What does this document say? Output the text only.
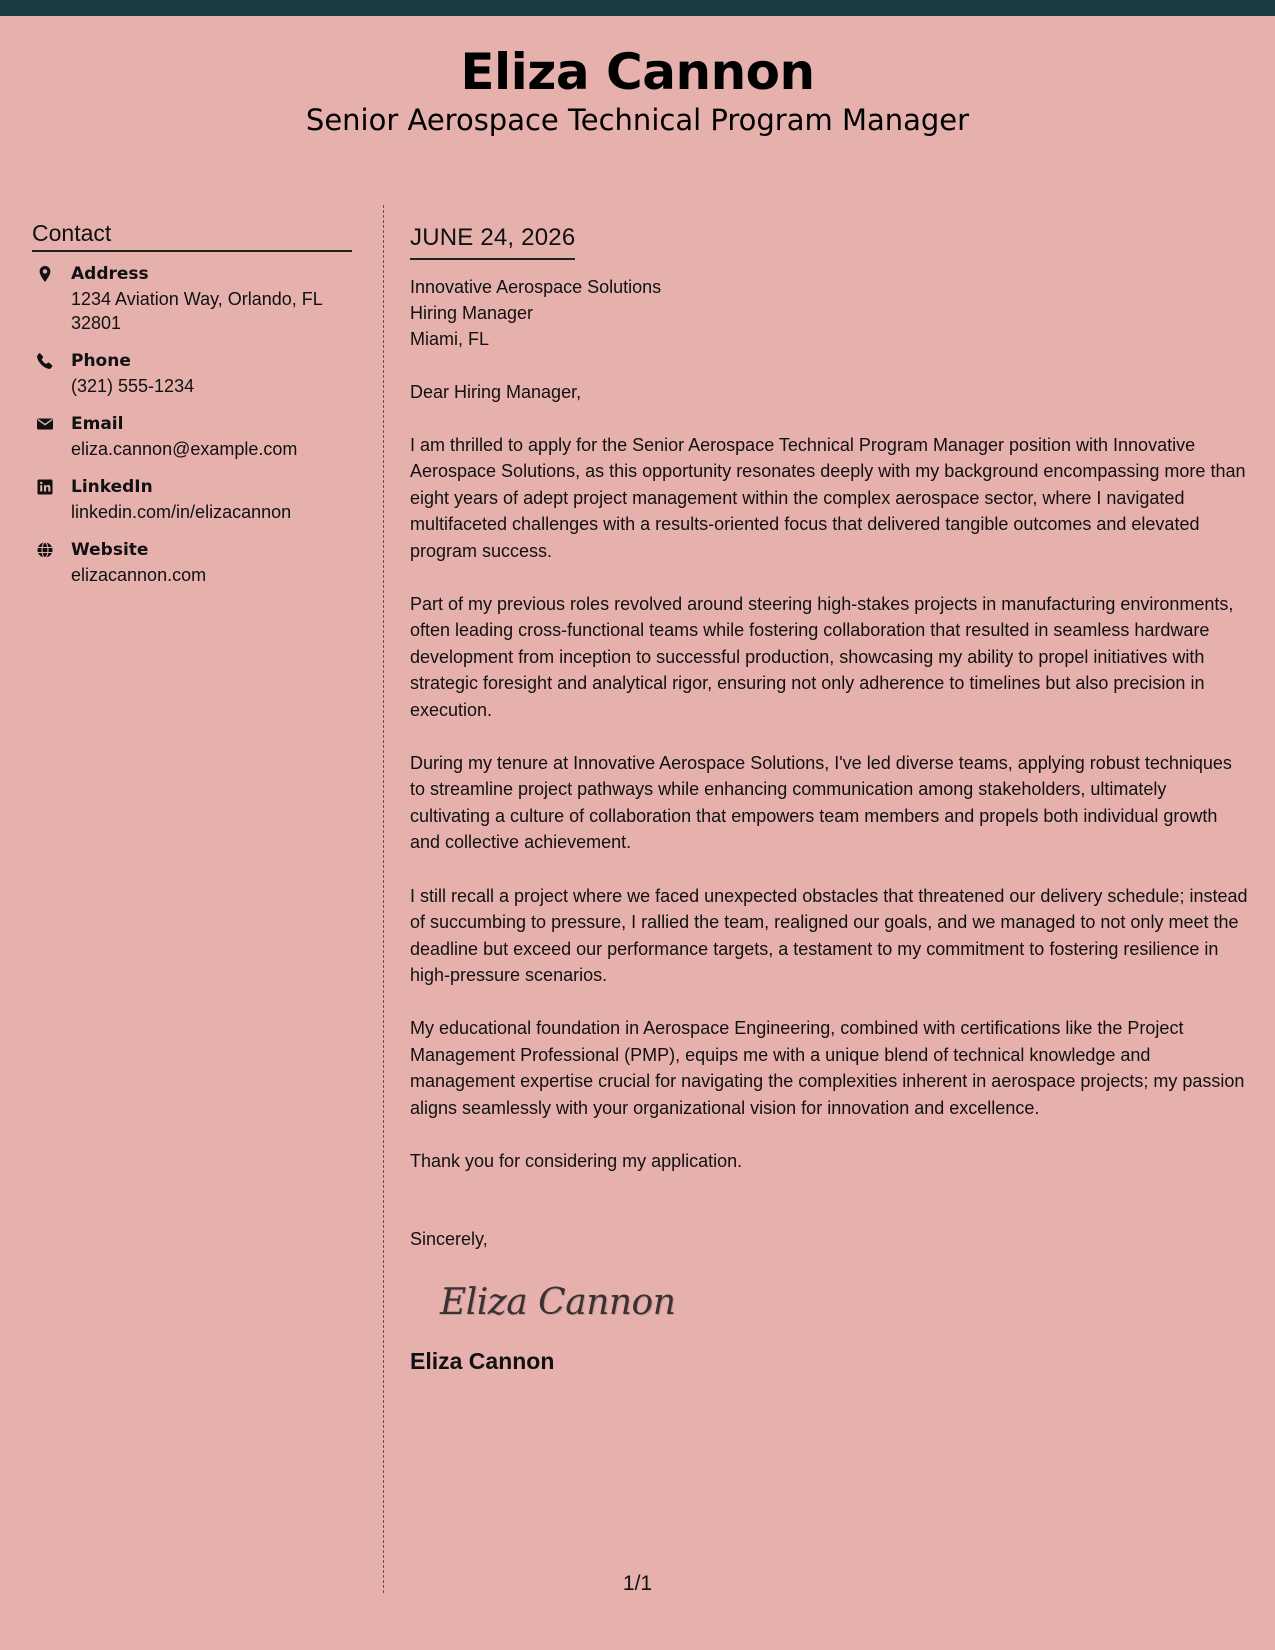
Eliza Cannon
Senior Aerospace Technical Program Manager
Contact
Address
1234 Aviation Way, Orlando, FL 32801
Phone
(321) 555-1234
Email
eliza.cannon@example.com
LinkedIn
linkedin.com/in/elizacannon
Website
elizacannon.com
JUNE 24, 2026
Innovative Aerospace Solutions
Hiring Manager
Miami, FL
Dear Hiring Manager,
I am thrilled to apply for the Senior Aerospace Technical Program Manager position with Innovative Aerospace Solutions, as this opportunity resonates deeply with my background encompassing more than eight years of adept project management within the complex aerospace sector, where I navigated multifaceted challenges with a results-oriented focus that delivered tangible outcomes and elevated program success.
Part of my previous roles revolved around steering high-stakes projects in manufacturing environments, often leading cross-functional teams while fostering collaboration that resulted in seamless hardware development from inception to successful production, showcasing my ability to propel initiatives with strategic foresight and analytical rigor, ensuring not only adherence to timelines but also precision in execution.
During my tenure at Innovative Aerospace Solutions, I've led diverse teams, applying robust techniques to streamline project pathways while enhancing communication among stakeholders, ultimately cultivating a culture of collaboration that empowers team members and propels both individual growth and collective achievement.
I still recall a project where we faced unexpected obstacles that threatened our delivery schedule; instead of succumbing to pressure, I rallied the team, realigned our goals, and we managed to not only meet the deadline but exceed our performance targets, a testament to my commitment to fostering resilience in high-pressure scenarios.
My educational foundation in Aerospace Engineering, combined with certifications like the Project Management Professional (PMP), equips me with a unique blend of technical knowledge and management expertise crucial for navigating the complexities inherent in aerospace projects; my passion aligns seamlessly with your organizational vision for innovation and excellence.
Thank you for considering my application.
Sincerely,
Eliza Cannon
Eliza Cannon
1/1
